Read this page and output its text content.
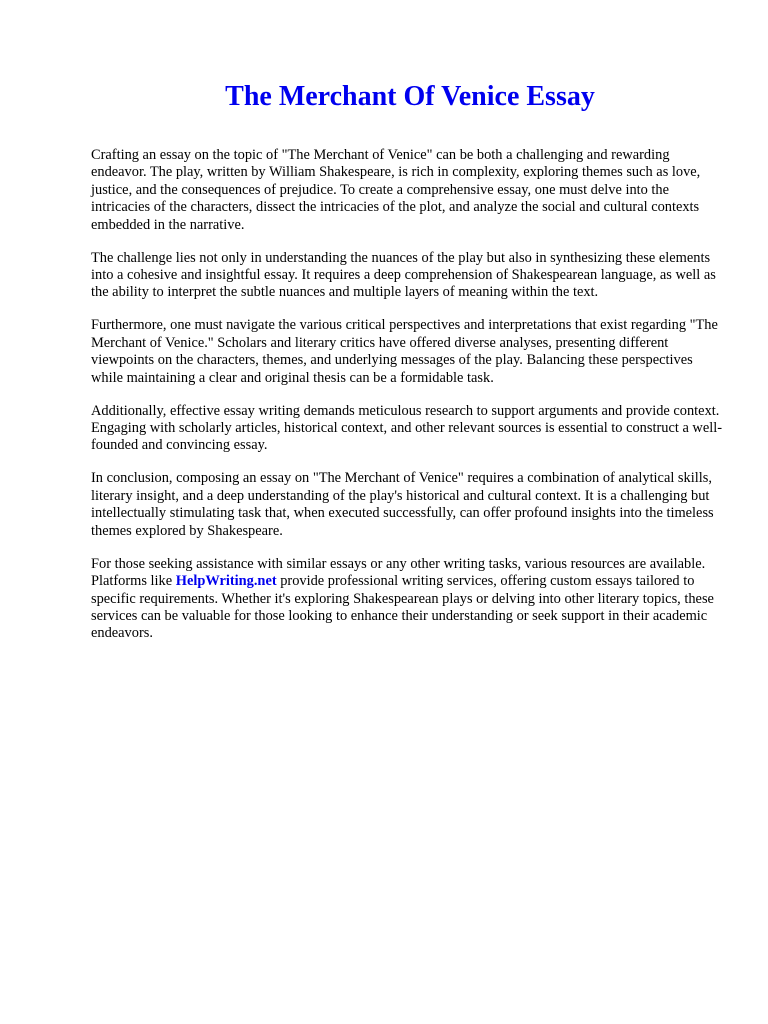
The Merchant Of Venice Essay

Crafting an essay on the topic of "The Merchant of Venice" can be both a challenging and rewarding endeavor. The play, written by William Shakespeare, is rich in complexity, exploring themes such as love, justice, and the consequences of prejudice. To create a comprehensive essay, one must delve into the intricacies of the characters, dissect the intricacies of the plot, and analyze the social and cultural contexts embedded in the narrative.

The challenge lies not only in understanding the nuances of the play but also in synthesizing these elements into a cohesive and insightful essay. It requires a deep comprehension of Shakespearean language, as well as the ability to interpret the subtle nuances and multiple layers of meaning within the text.

Furthermore, one must navigate the various critical perspectives and interpretations that exist regarding "The Merchant of Venice." Scholars and literary critics have offered diverse analyses, presenting different viewpoints on the characters, themes, and underlying messages of the play. Balancing these perspectives while maintaining a clear and original thesis can be a formidable task.

Additionally, effective essay writing demands meticulous research to support arguments and provide context. Engaging with scholarly articles, historical context, and other relevant sources is essential to construct a well-founded and convincing essay.

In conclusion, composing an essay on "The Merchant of Venice" requires a combination of analytical skills, literary insight, and a deep understanding of the play's historical and cultural context. It is a challenging but intellectually stimulating task that, when executed successfully, can offer profound insights into the timeless themes explored by Shakespeare.

For those seeking assistance with similar essays or any other writing tasks, various resources are available. Platforms like HelpWriting.net provide professional writing services, offering custom essays tailored to specific requirements. Whether it's exploring Shakespearean plays or delving into other literary topics, these services can be valuable for those looking to enhance their understanding or seek support in their academic endeavors.
